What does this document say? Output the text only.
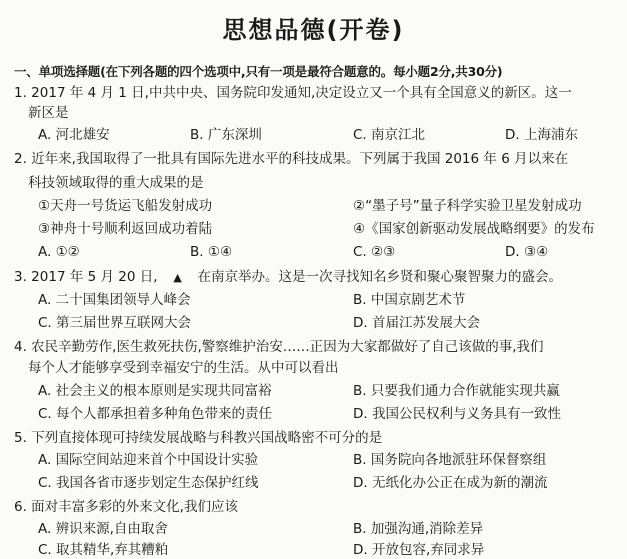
思想品德(开卷)
一、单项选择题(在下列各题的四个选项中,只有一项是最符合题意的。每小题2分,共30分)
1. 2017 年 4 月 1 日,中共中央、国务院印发通知,决定设立又一个具有全国意义的新区。这一
新区是
A. 河北雄安	B. 广东深圳	C. 南京江北	D. 上海浦东
2. 近年来,我国取得了一批具有国际先进水平的科技成果。下列属于我国 2016 年 6 月以来在
科技领域取得的重大成果的是
①天舟一号货运飞船发射成功	②“墨子号”量子科学实验卫星发射成功
③神舟十号顺利返回成功着陆	④《国家创新驱动发展战略纲要》的发布
A. ①②	B. ①④	C. ②③	D. ③④
3. 2017 年 5 月 20 日, ▲ 在南京举办。这是一次寻找知名乡贤和聚心聚智聚力的盛会。
A. 二十国集团领导人峰会	B. 中国京剧艺术节
C. 第三届世界互联网大会	D. 首届江苏发展大会
4. 农民辛勤劳作,医生救死扶伤,警察维护治安……正因为大家都做好了自己该做的事,我们
每个人才能够享受到幸福安宁的生活。从中可以看出
A. 社会主义的根本原则是实现共同富裕	B. 只要我们通力合作就能实现共赢
C. 每个人都承担着多种角色带来的责任	D. 我国公民权利与义务具有一致性
5. 下列直接体现可持续发展战略与科教兴国战略密不可分的是
A. 国际空间站迎来首个中国设计实验	B. 国务院向各地派驻环保督察组
C. 我国各省市逐步划定生态保护红线	D. 无纸化办公正在成为新的潮流
6. 面对丰富多彩的外来文化,我们应该
A. 辨识来源,自由取舍	B. 加强沟通,消除差异
C. 取其精华,弃其糟粕	D. 开放包容,弃同求异
